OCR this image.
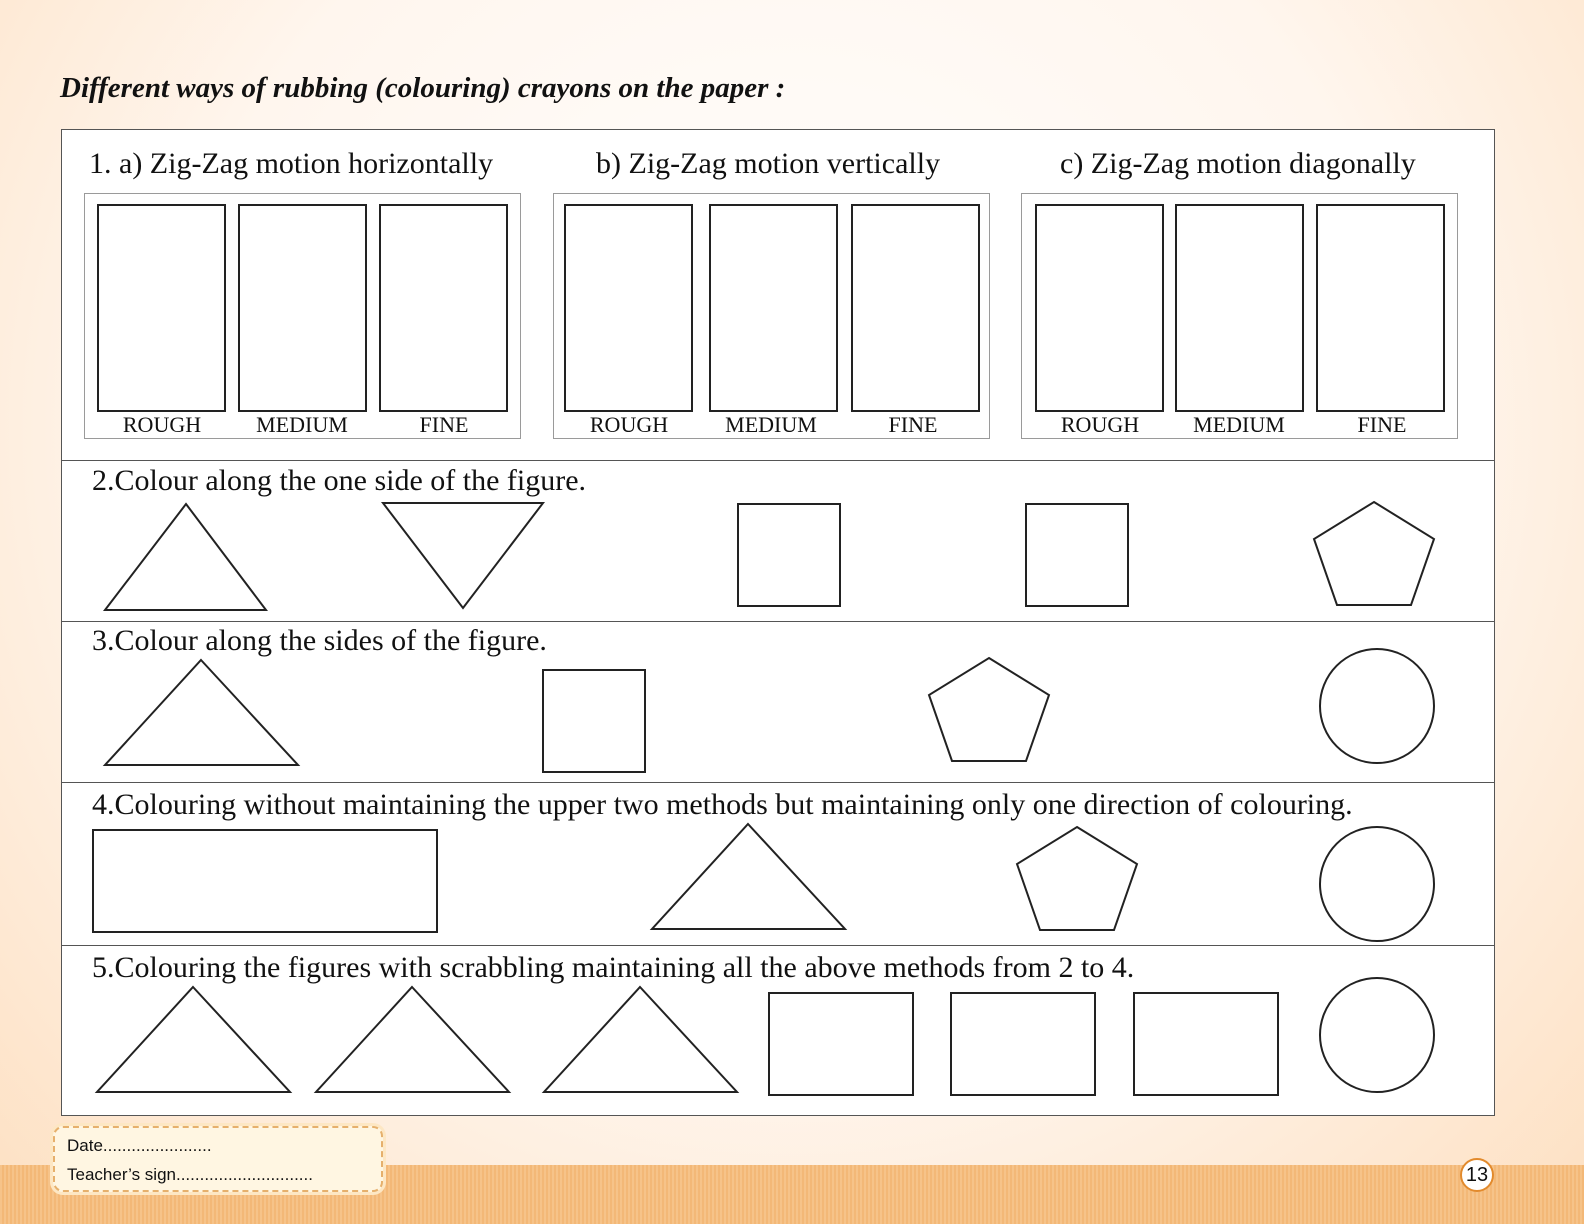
Different ways of rubbing (colouring) crayons on the paper :

1. a) Zig-Zag motion horizontally	b) Zig-Zag motion vertically	c) Zig-Zag motion diagonally

ROUGH	MEDIUM	FINE	ROUGH	MEDIUM	FINE	ROUGH MEDIUM	FINE

2.Colour along the one side of the figure.

3.Colour along the sides of the figure.

4.Colouring without maintaining the upper two methods but maintaining only one direction of colouring.

5.Colouring the figures with scrabbling maintaining all the above methods from 2 to 4.

Date.......................
Teacher’s sign.............................	13
